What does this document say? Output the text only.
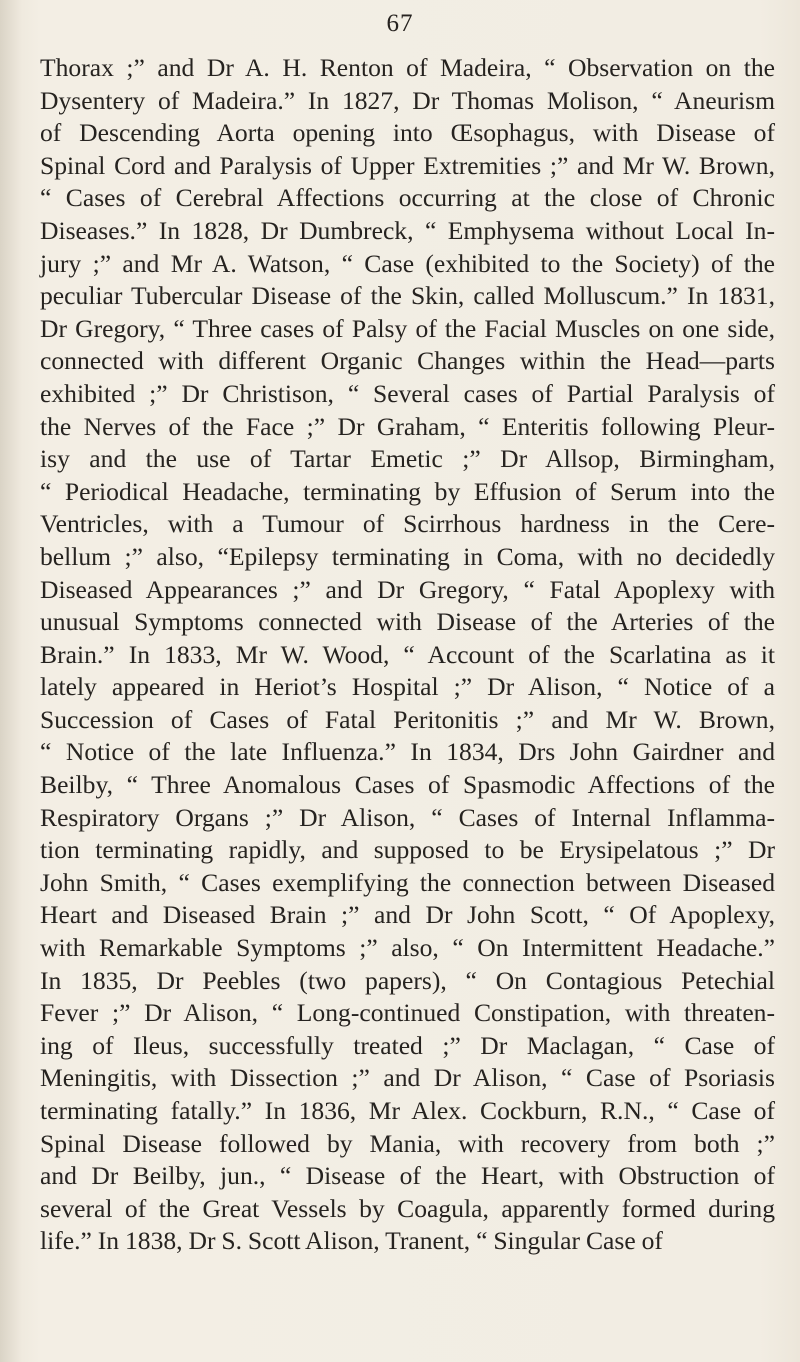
67
Thorax ;” and Dr A. H. Renton of Madeira, “ Observation on the
Dysentery of Madeira.” In 1827, Dr Thomas Molison, “ Aneurism
of Descending Aorta opening into Œsophagus, with Disease of
Spinal Cord and Paralysis of Upper Extremities ;” and Mr W. Brown,
“ Cases of Cerebral Affections occurring at the close of Chronic
Diseases.” In 1828, Dr Dumbreck, “ Emphysema without Local In-
jury ;” and Mr A. Watson, “ Case (exhibited to the Society) of the
peculiar Tubercular Disease of the Skin, called Molluscum.” In 1831,
Dr Gregory, “ Three cases of Palsy of the Facial Muscles on one side,
connected with different Organic Changes within the Head—parts
exhibited ;” Dr Christison, “ Several cases of Partial Paralysis of
the Nerves of the Face ;” Dr Graham, “ Enteritis following Pleur-
isy and the use of Tartar Emetic ;” Dr Allsop, Birmingham,
“ Periodical Headache, terminating by Effusion of Serum into the
Ventricles, with a Tumour of Scirrhous hardness in the Cere-
bellum ;” also, “Epilepsy terminating in Coma, with no decidedly
Diseased Appearances ;” and Dr Gregory, “ Fatal Apoplexy with
unusual Symptoms connected with Disease of the Arteries of the
Brain.” In 1833, Mr W. Wood, “ Account of the Scarlatina as it
lately appeared in Heriot’s Hospital ;” Dr Alison, “ Notice of a
Succession of Cases of Fatal Peritonitis ;” and Mr W. Brown,
“ Notice of the late Influenza.” In 1834, Drs John Gairdner and
Beilby, “ Three Anomalous Cases of Spasmodic Affections of the
Respiratory Organs ;” Dr Alison, “ Cases of Internal Inflamma-
tion terminating rapidly, and supposed to be Erysipelatous ;” Dr
John Smith, “ Cases exemplifying the connection between Diseased
Heart and Diseased Brain ;” and Dr John Scott, “ Of Apoplexy,
with Remarkable Symptoms ;” also, “ On Intermittent Headache.”
In 1835, Dr Peebles (two papers), “ On Contagious Petechial
Fever ;” Dr Alison, “ Long-continued Constipation, with threaten-
ing of Ileus, successfully treated ;” Dr Maclagan, “ Case of
Meningitis, with Dissection ;” and Dr Alison, “ Case of Psoriasis
terminating fatally.” In 1836, Mr Alex. Cockburn, R.N., “ Case of
Spinal Disease followed by Mania, with recovery from both ;”
and Dr Beilby, jun., “ Disease of the Heart, with Obstruction of
several of the Great Vessels by Coagula, apparently formed during
life.” In 1838, Dr S. Scott Alison, Tranent, “ Singular Case of
